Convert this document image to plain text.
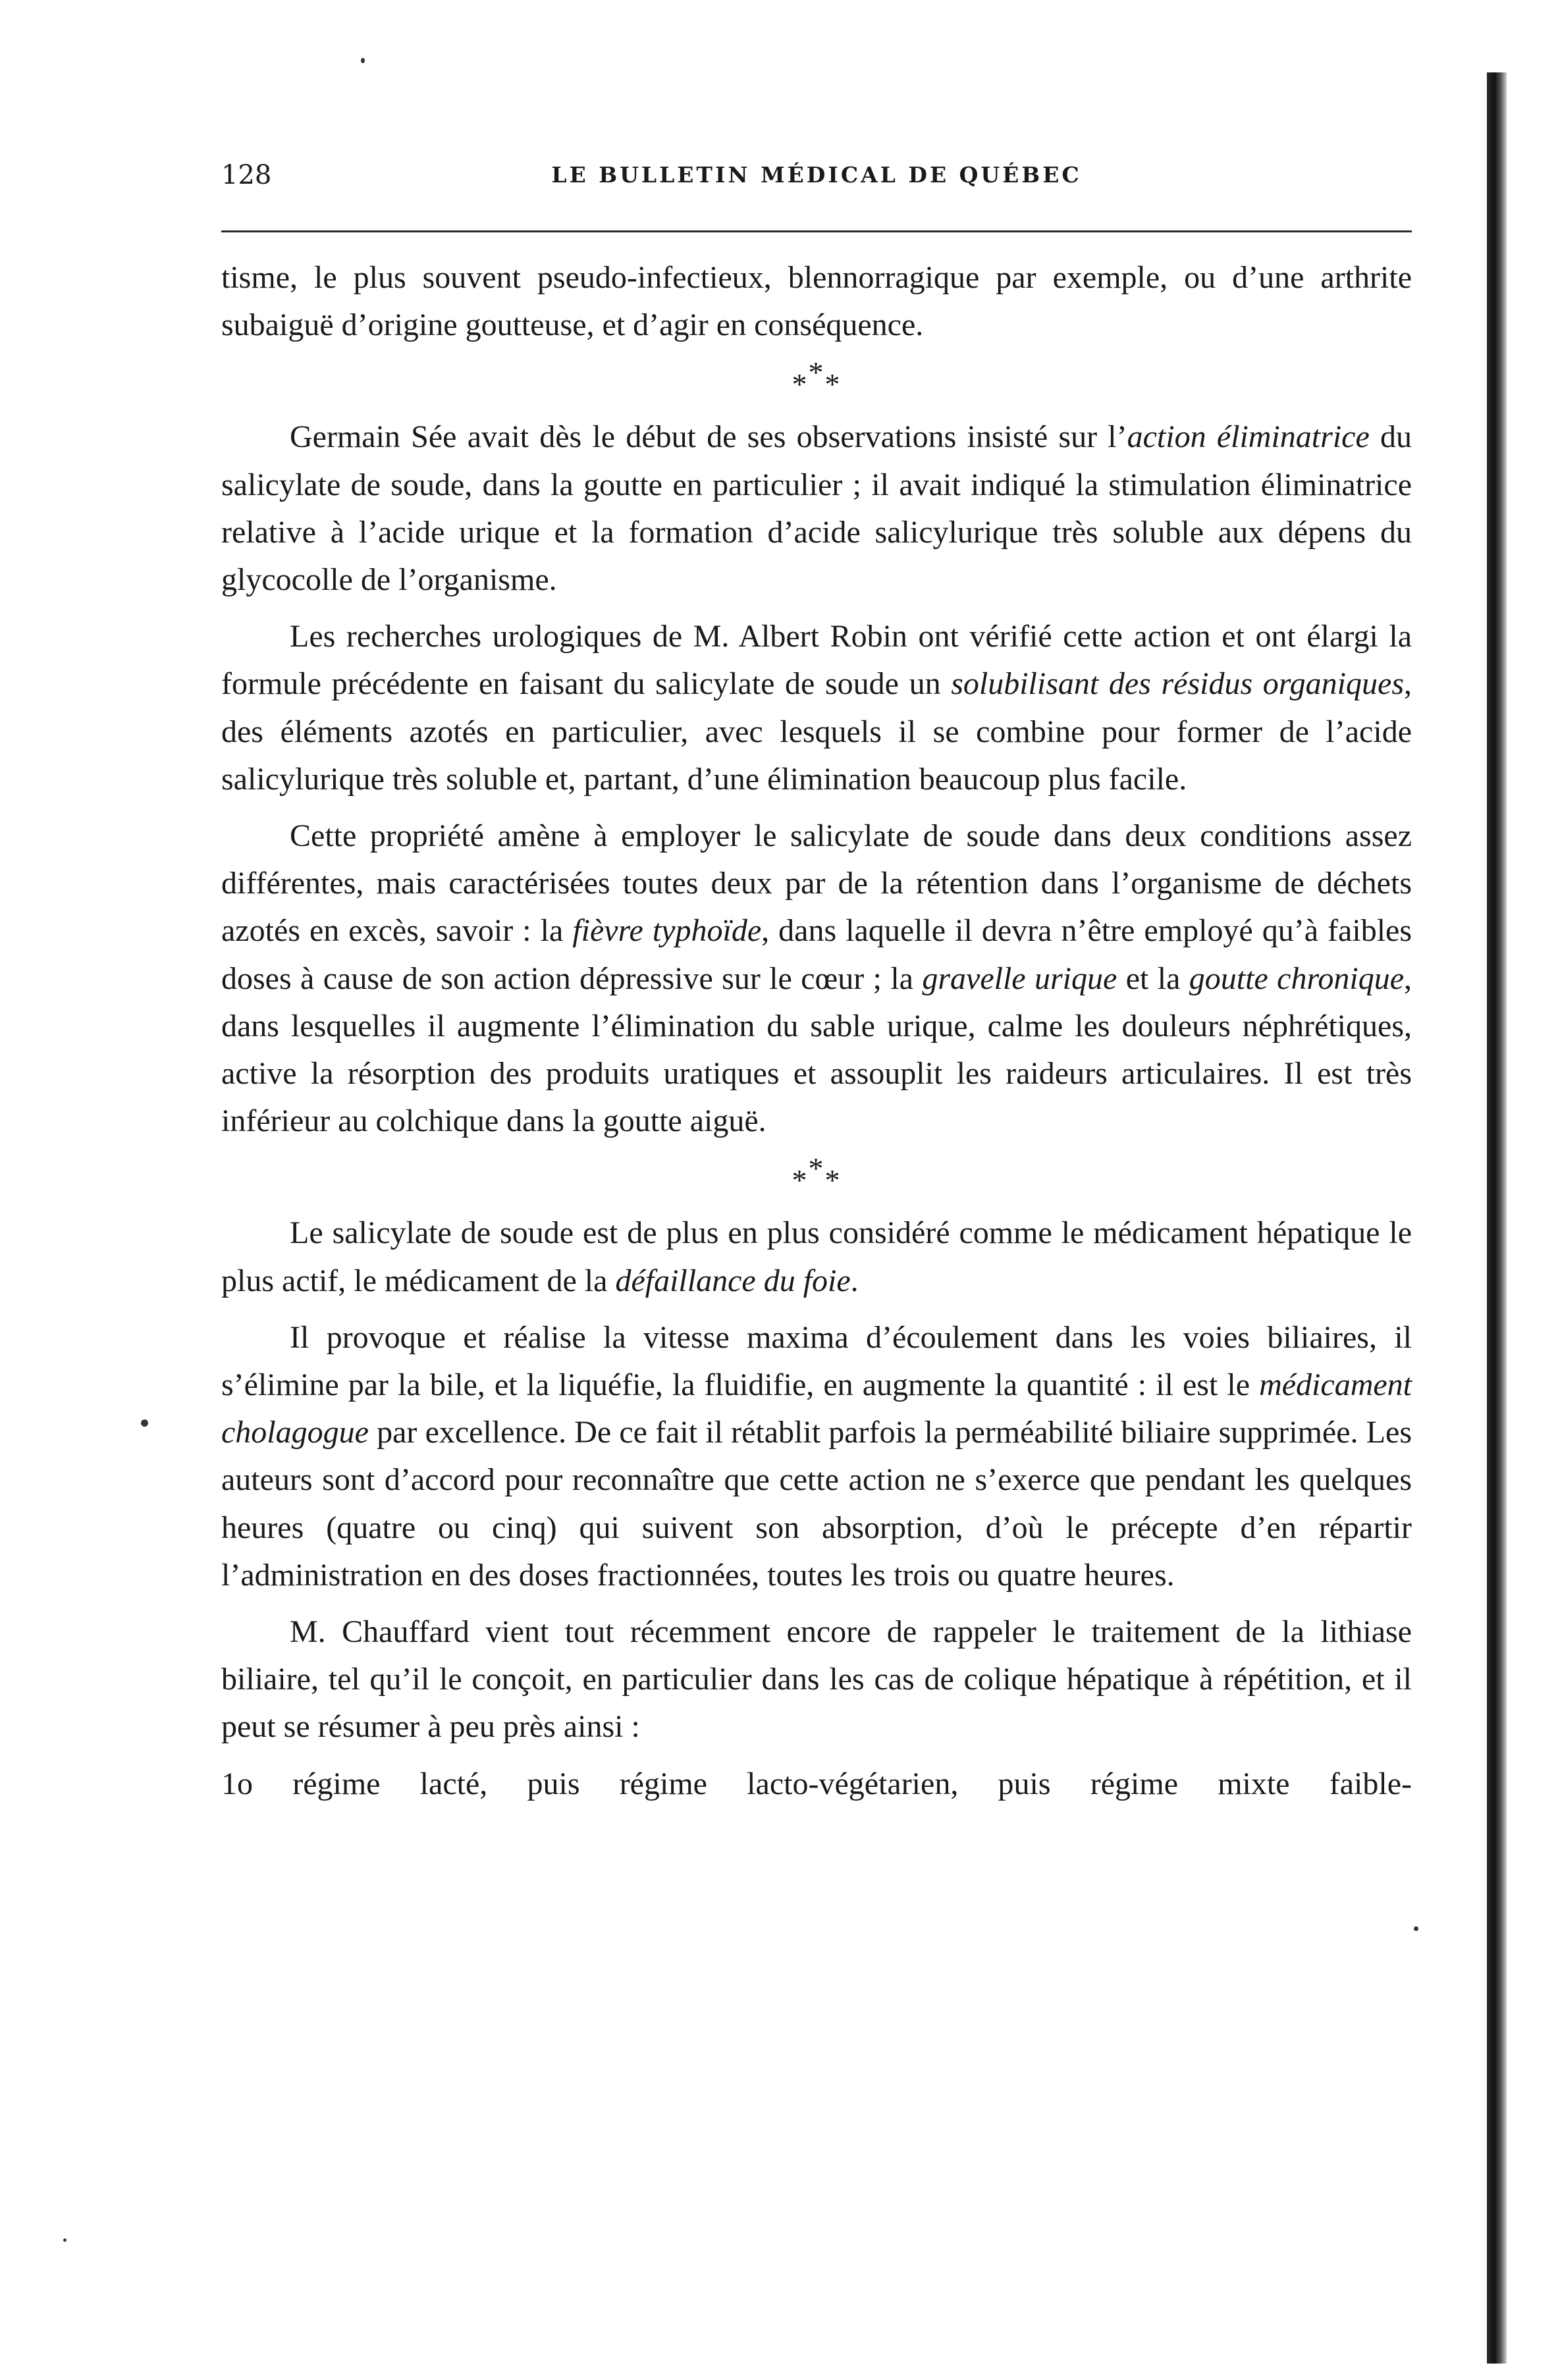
128	LE BULLETIN MÉDICAL DE QUÉBEC

tisme, le plus souvent pseudo-infectieux, blennorragique par exemple, ou d’une arthrite subaiguë d’origine goutteuse, et d’agir en conséquence.

***

Germain Sée avait dès le début de ses observations insisté sur l’action éliminatrice du salicylate de soude, dans la goutte en particulier ; il avait indiqué la stimulation éliminatrice relative à l’acide urique et la formation d’acide salicylurique très soluble aux dépens du glycocolle de l’organisme.

Les recherches urologiques de M. Albert Robin ont vérifié cette action et ont élargi la formule précédente en faisant du salicylate de soude un solubilisant des résidus organiques, des éléments azotés en particulier, avec lesquels il se combine pour former de l’acide salicylurique très soluble et, partant, d’une élimination beaucoup plus facile.

Cette propriété amène à employer le salicylate de soude dans deux conditions assez différentes, mais caractérisées toutes deux par de la rétention dans l’organisme de déchets azotés en excès, savoir : la fièvre typhoïde, dans laquelle il devra n’être employé qu’à faibles doses à cause de son action dépressive sur le cœur ; la gravelle urique et la goutte chronique, dans lesquelles il augmente l’élimination du sable urique, calme les douleurs néphrétiques, active la résorption des produits uratiques et assouplit les raideurs articulaires. Il est très inférieur au colchique dans la goutte aiguë.

***

Le salicylate de soude est de plus en plus considéré comme le médicament hépatique le plus actif, le médicament de la défaillance du foie.

Il provoque et réalise la vitesse maxima d’écoulement dans les voies biliaires, il s’élimine par la bile, et la liquéfie, la fluidifie, en augmente la quantité : il est le médicament cholagogue par excellence. De ce fait il rétablit parfois la perméabilité biliaire supprimée. Les auteurs sont d’accord pour reconnaître que cette action ne s’exerce que pendant les quelques heures (quatre ou cinq) qui suivent son absorption, d’où le précepte d’en répartir l’administration en des doses fractionnées, toutes les trois ou quatre heures.

M. Chauffard vient tout récemment encore de rappeler le traitement de la lithiase biliaire, tel qu’il le conçoit, en particulier dans les cas de colique hépatique à répétition, et il peut se résumer à peu près ainsi :

1o régime lacté, puis régime lacto-végétarien, puis régime mixte faible-
